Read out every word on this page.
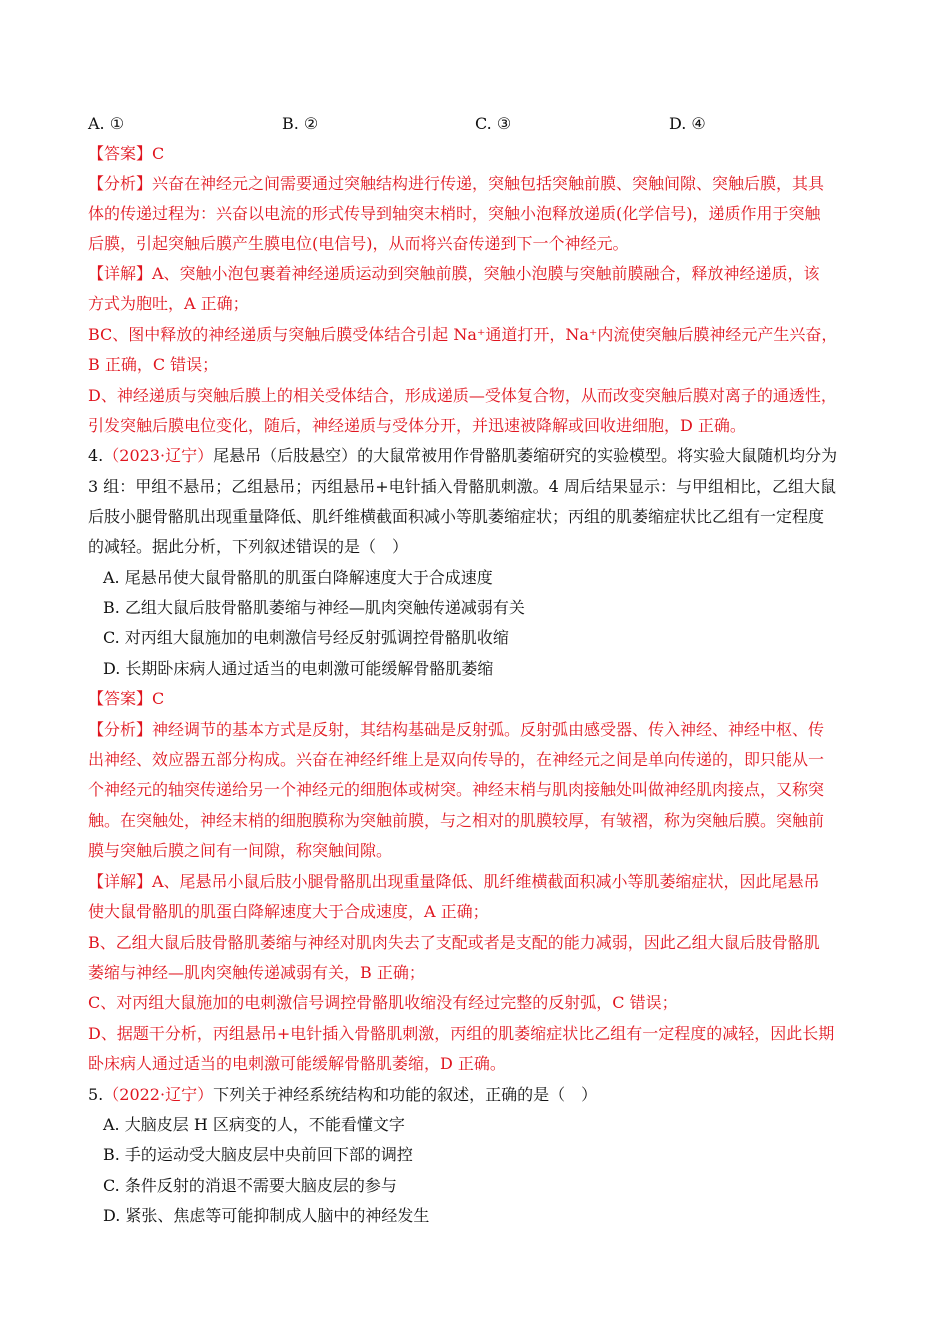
A. ①	B. ②	C. ③	D. ④
【答案】C
【分析】兴奋在神经元之间需要通过突触结构进行传递，突触包括突触前膜、突触间隙、突触后膜，其具
体的传递过程为：兴奋以电流的形式传导到轴突末梢时，突触小泡释放递质(化学信号)，递质作用于突触
后膜，引起突触后膜产生膜电位(电信号)，从而将兴奋传递到下一个神经元。
【详解】A、突触小泡包裹着神经递质运动到突触前膜，突触小泡膜与突触前膜融合，释放神经递质，该
方式为胞吐，A 正确；
BC、图中释放的神经递质与突触后膜受体结合引起 Na⁺通道打开，Na⁺内流使突触后膜神经元产生兴奋，
B 正确，C 错误；
D、神经递质与突触后膜上的相关受体结合，形成递质—受体复合物，从而改变突触后膜对离子的通透性，
引发突触后膜电位变化，随后，神经递质与受体分开，并迅速被降解或回收进细胞，D 正确。
4.（2023·辽宁）尾悬吊（后肢悬空）的大鼠常被用作骨骼肌萎缩研究的实验模型。将实验大鼠随机均分为
3 组：甲组不悬吊；乙组悬吊；丙组悬吊+电针插入骨骼肌刺激。4 周后结果显示：与甲组相比，乙组大鼠
后肢小腿骨骼肌出现重量降低、肌纤维横截面积减小等肌萎缩症状；丙组的肌萎缩症状比乙组有一定程度
的减轻。据此分析，下列叙述错误的是（　）
A. 尾悬吊使大鼠骨骼肌的肌蛋白降解速度大于合成速度
B. 乙组大鼠后肢骨骼肌萎缩与神经—肌肉突触传递减弱有关
C. 对丙组大鼠施加的电刺激信号经反射弧调控骨骼肌收缩
D. 长期卧床病人通过适当的电刺激可能缓解骨骼肌萎缩
【答案】C
【分析】神经调节的基本方式是反射，其结构基础是反射弧。反射弧由感受器、传入神经、神经中枢、传
出神经、效应器五部分构成。兴奋在神经纤维上是双向传导的，在神经元之间是单向传递的，即只能从一
个神经元的轴突传递给另一个神经元的细胞体或树突。神经末梢与肌肉接触处叫做神经肌肉接点，又称突
触。在突触处，神经末梢的细胞膜称为突触前膜，与之相对的肌膜较厚，有皱褶，称为突触后膜。突触前
膜与突触后膜之间有一间隙，称突触间隙。
【详解】A、尾悬吊小鼠后肢小腿骨骼肌出现重量降低、肌纤维横截面积减小等肌萎缩症状，因此尾悬吊
使大鼠骨骼肌的肌蛋白降解速度大于合成速度，A 正确；
B、乙组大鼠后肢骨骼肌萎缩与神经对肌肉失去了支配或者是支配的能力减弱，因此乙组大鼠后肢骨骼肌
萎缩与神经—肌肉突触传递减弱有关，B 正确；
C、对丙组大鼠施加的电刺激信号调控骨骼肌收缩没有经过完整的反射弧，C 错误；
D、据题干分析，丙组悬吊+电针插入骨骼肌刺激，丙组的肌萎缩症状比乙组有一定程度的减轻，因此长期
卧床病人通过适当的电刺激可能缓解骨骼肌萎缩，D 正确。
5.（2022·辽宁）下列关于神经系统结构和功能的叙述，正确的是（　）
A. 大脑皮层 H 区病变的人，不能看懂文字
B. 手的运动受大脑皮层中央前回下部的调控
C. 条件反射的消退不需要大脑皮层的参与
D. 紧张、焦虑等可能抑制成人脑中的神经发生
